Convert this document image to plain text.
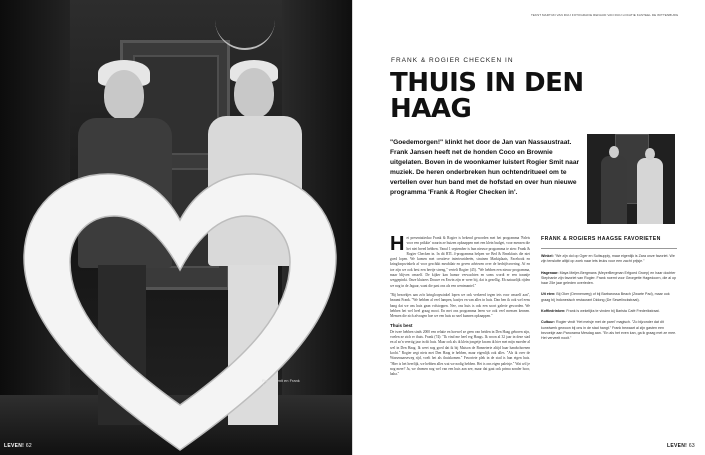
Rogier Smit en Frank Jansen
LEVEN! 62
TEKST MARTIJN VAN RUIJ FOTOGRAFIE RENAUD VAN RUIJ LOCATIE KASTEEL DE WITTENBURG
FRANK & ROGIER CHECKEN IN
THUIS IN DEN HAAG
"Goedemorgen!" klinkt het door de Jan van Nassaustraat. Frank Jansen heeft net de honden Coco en Brownie uitgelaten. Boven in de woonkamer luistert Rogier Smit naar muziek. De heren onderbreken hun ochtendritueel om te vertellen over hun band met de hofstad en over hun nieuwe programma 'Frank & Rogier Checken in'.

Het presentatieduo Frank & Rogier is bekend geworden met het programma 'Paleis voor een prikkie' waarin ze huizen opknappen met een klein budget, voor mensen die het niet breed hebben. Vanaf 1 september is hun nieuwe programma te zien: Frank & Rogier Checken in. In dit RTL 4-programma helpen we Bed & Breakfasts die niet goed lopen. We komen met creatieve interieurideeën, struinen Marktplaats, Facebook en kringloopwinkels af voor geschikt meubilair en geven adviezen over de bedrijfsvoering. Af en toe zijn we ook best een beetje streng," vertelt Rogier (45). "We hebben een nieuw programma, maar blijven onszelf. De kijker kan humor verwachten en soms wordt er een traantje weggepinkt. Onze kluizers Douwe en Erwin zijn er weer bij, dat is gezellig. Eh natuurlijk rijden we nog in de Jaguar, want die past ons als een wentmantel."

"Bij bezoekjes aan zo'n kringloopwinkel lopen we ook verkeerd tegen iets voor onszelf aan", beaamt Frank. "We hebben al veel lampen, kastjes en van alles in huis. Dan ben ik ook wel eens bang dat we ons huis gaan volstoppen. Nee, ons huis is ook een soort galerie geworden. We hebben het wel heel graag mooi. En met ons programma leren we ook veel mensen kennen. Mensen die zich afvragen hoe we een huis zo snel kunnen opknappen."

Thuis best

De twee hebben sinds 2000 een relatie en hoewel ze geen van beiden in Den Haag geboren zijn, voelen ze zich er thuis. Frank (74): "Ik vind me heel erg Haags. Ik woon al 32 jaar in deze stad en al zo'n veertig jaar in dit huis. Maar ook als ik klein jongetje kwam ik hier met mijn moeder al wel in Den Haag. Ik weet nog goed dat ik bij Maison de Bonneterie altijd haar handschoenen kocht." Rogier zegt niets met Den Haag te hebben, maar eigenlijk ook alles. "Als ik over de Wassenaarseweg rijd, voelt het als thuiskomen." Favoriete plek in de stad is hun eigen huis. "Hier is het heerlijk, we hebben alles wat we nodig hebben. Het is ons eigen paleisje." Wat wil je nog meer? Ja, we dromen nog wel van een huis aan zee, maar dat gaat ook prima zonder hoor, haha."

FRANK & ROGIERS HAAGSE FAVORIETEN
Winkel: "We zijn dol op Oger en Suitsupply, maar eigenlijk is Zara onze favoriet. We zijn tenslotte altijd op zoek naar iets leuks voor een zacht prijsje."
Hagenaar: Maya Meijer-Bergmans (MeyerBergman Erfgoed Groep) en haar dochter Stephanie zijn favoriet van Rogier. Frank noemt voor Georgette Hagedoorn, die al op haar 25e jaar geleden overleden.
Uit eten: Bij Oker (Dennenweg) of bij Barbarossa Beach (Zwarte Pad), maar ook graag bij Indonesisch restaurant Didong (De Sewelinckstraat).
Koffiedrinken: Frank is wekelijks te vinden bij Barista Café Frederikstraat.
Cultuur: Rogier vindt 'Het meisje met de parel' magisch. "Zo bijzonder dat dit kunstwerk gewoon bij ons in de stad hangt." Frank bewaart al zijn gasten een bezoekje aan Panorama Mesdag aan. "En als het even kan, ga ik graag met ze mee. Het verveelt nooit."
LEVEN! 63
